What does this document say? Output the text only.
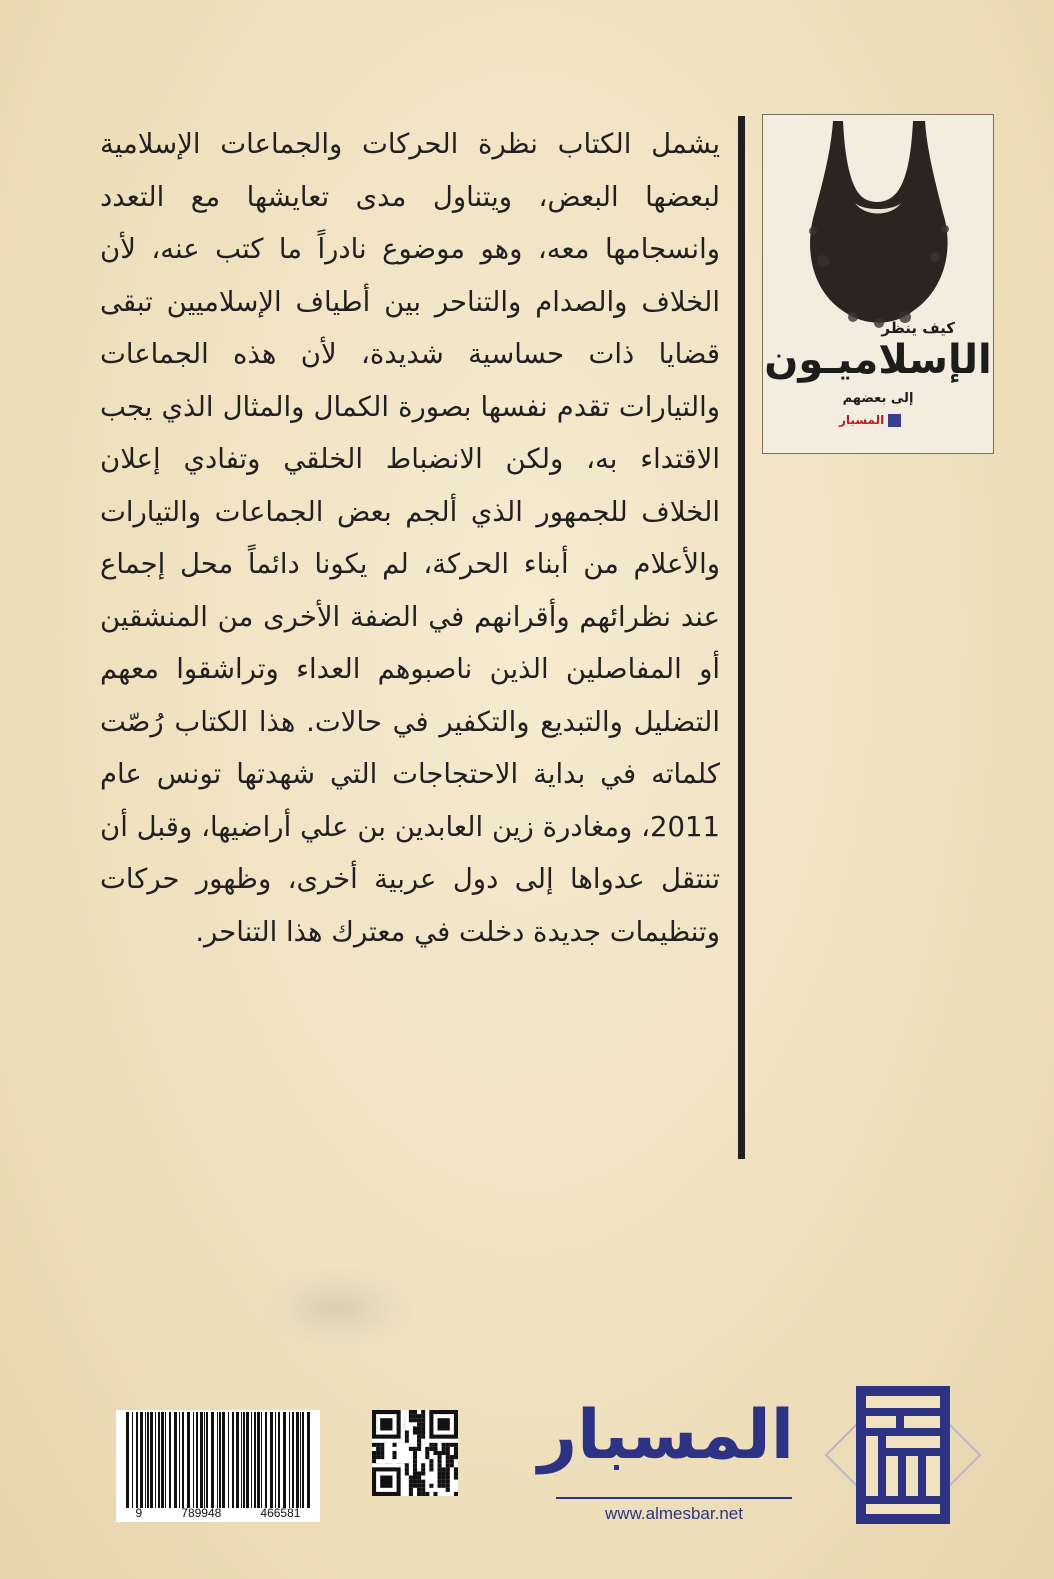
يشمل الكتاب نظرة الحركات والجماعات الإسلامية لبعضها البعض، ويتناول مدى تعايشها مع التعدد وانسجامها معه، وهو موضوع نادراً ما كتب عنه، لأن الخلاف والصدام والتناحر بين أطياف الإسلاميين تبقى قضايا ذات حساسية شديدة، لأن هذه الجماعات والتيارات تقدم نفسها بصورة الكمال والمثال الذي يجب الاقتداء به، ولكن الانضباط الخلقي وتفادي إعلان الخلاف للجمهور الذي ألجم بعض الجماعات والتيارات والأعلام من أبناء الحركة، لم يكونا دائماً محل إجماع عند نظرائهم وأقرانهم في الضفة الأخرى من المنشقين أو المفاصلين الذين ناصبوهم العداء وتراشقوا معهم التضليل والتبديع والتكفير في حالات. هذا الكتاب رُصّت كلماته في بداية الاحتجاجات التي شهدتها تونس عام 2011، ومغادرة زين العابدين بن علي أراضيها، وقبل أن تنتقل عدواها إلى دول عربية أخرى، وظهور حركات وتنظيمات جديدة دخلت في معترك هذا التناحر.

كيف ينظر
الإسلاميـون
إلى بعضهم
المسبار
9	789948	466581
المسبار
www.almesbar.net
